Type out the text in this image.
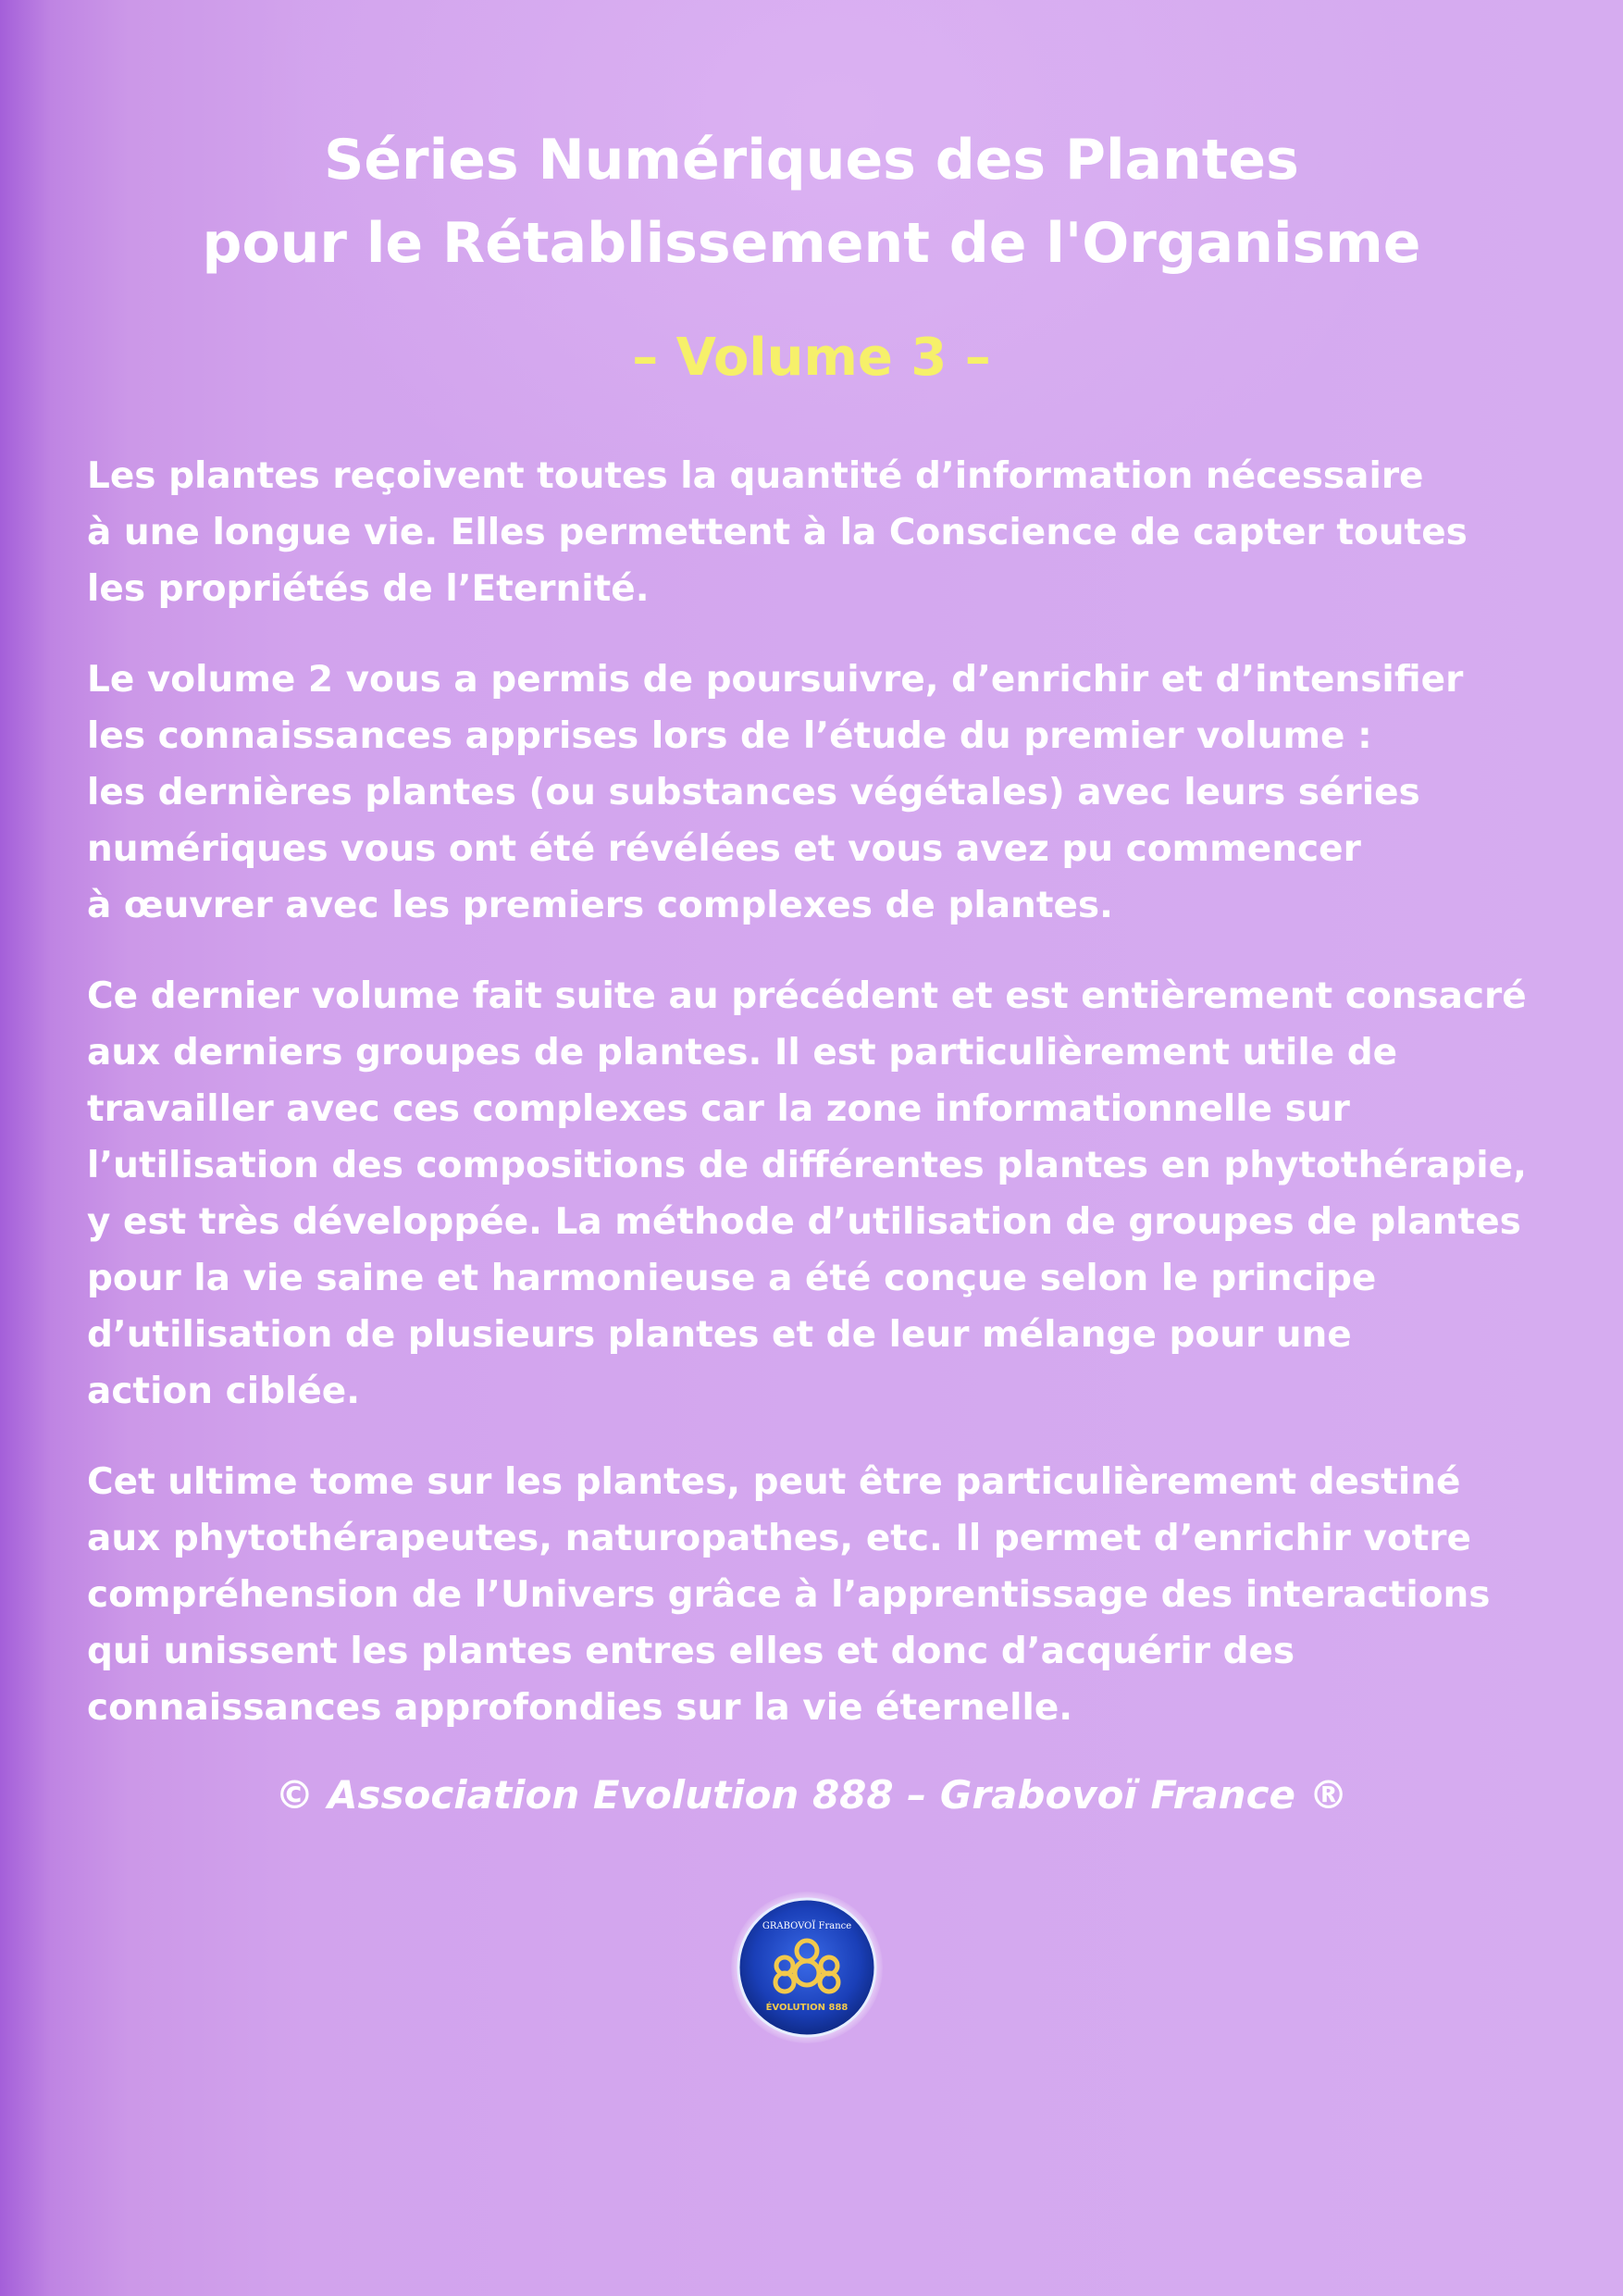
Séries Numériques des Plantes
pour le Rétablissement de l'Organisme
– Volume 3 –

Les plantes reçoivent toutes la quantité d’information nécessaire
à une longue vie. Elles permettent à la Conscience de capter toutes
les propriétés de l’Eternité.

Le volume 2 vous a permis de poursuivre, d’enrichir et d’intensifier
les connaissances apprises lors de l’étude du premier volume :
les dernières plantes (ou substances végétales) avec leurs séries
numériques vous ont été révélées et vous avez pu commencer
à œuvrer avec les premiers complexes de plantes.

Ce dernier volume fait suite au précédent et est entièrement consacré
aux derniers groupes de plantes. Il est particulièrement utile de
travailler avec ces complexes car la zone informationnelle sur
l’utilisation des compositions de différentes plantes en phytothérapie,
y est très développée. La méthode d’utilisation de groupes de plantes
pour la vie saine et harmonieuse a été conçue selon le principe
d’utilisation de plusieurs plantes et de leur mélange pour une
action ciblée.

Cet ultime tome sur les plantes, peut être particulièrement destiné
aux phytothérapeutes, naturopathes, etc. Il permet d’enrichir votre
compréhension de l’Univers grâce à l’apprentissage des interactions
qui unissent les plantes entres elles et donc d’acquérir des
connaissances approfondies sur la vie éternelle.

© Association Evolution 888 – Grabovoï France ®
GRABOVOÏ France
ÉVOLUTION 888
